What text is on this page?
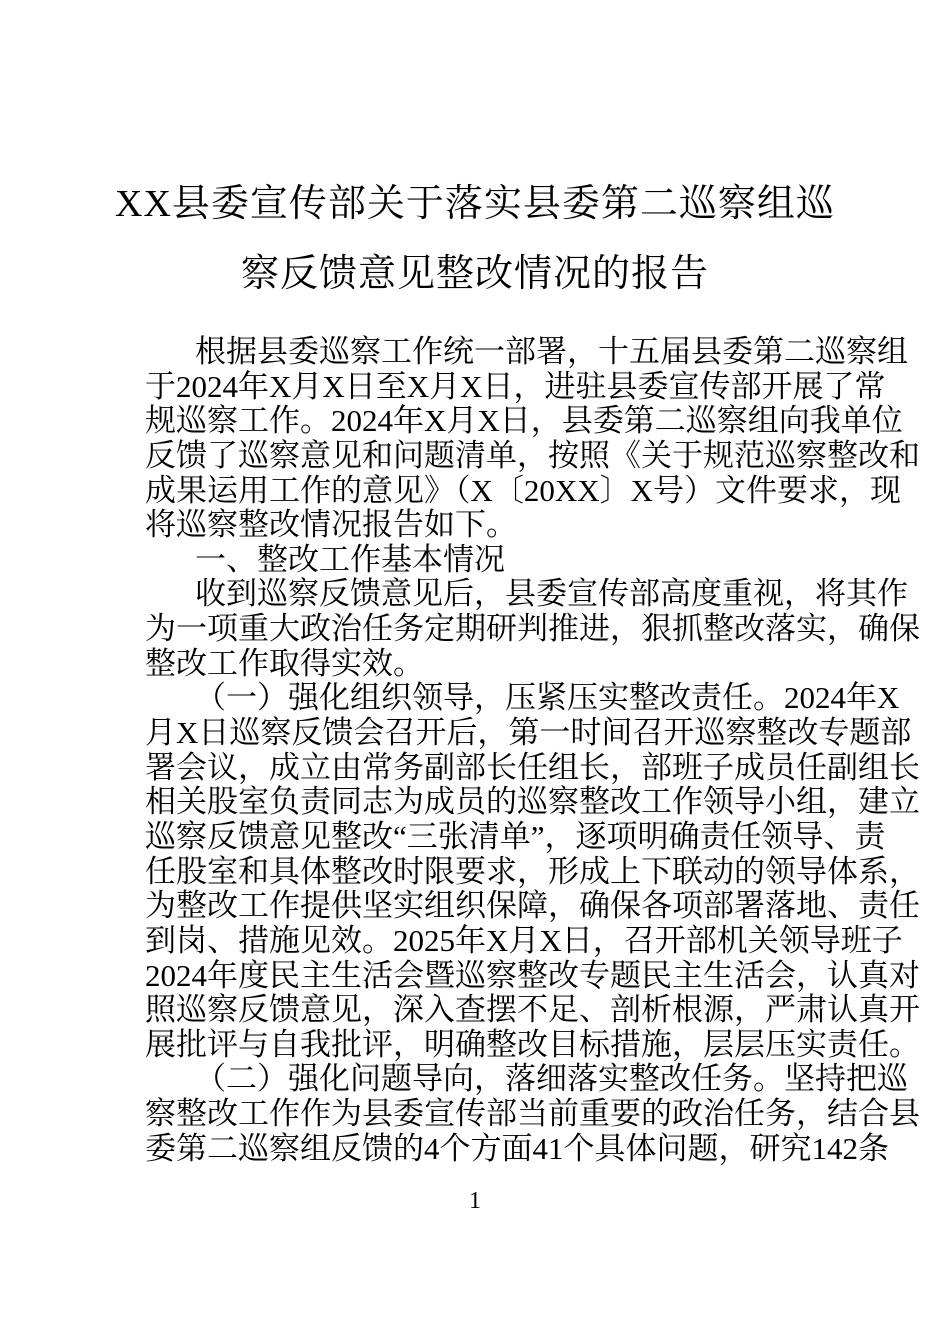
XX县委宣传部关于落实县委第二巡察组巡
察反馈意见整改情况的报告
根据县委巡察工作统一部署，十五届县委第二巡察组
于2024年X月X日至X月X日，进驻县委宣传部开展了常
规巡察工作。2024年X月X日，县委第二巡察组向我单位
反馈了巡察意见和问题清单，按照《关于规范巡察整改和
成果运用工作的意见》（X〔20XX〕X号）文件要求，现
将巡察整改情况报告如下。
一、整改工作基本情况
收到巡察反馈意见后，县委宣传部高度重视，将其作
为一项重大政治任务定期研判推进，狠抓整改落实，确保
整改工作取得实效。
（一）强化组织领导，压紧压实整改责任。2024年X
月X日巡察反馈会召开后，第一时间召开巡察整改专题部
署会议，成立由常务副部长任组长，部班子成员任副组长
相关股室负责同志为成员的巡察整改工作领导小组，建立
巡察反馈意见整改“三张清单”，逐项明确责任领导、责
任股室和具体整改时限要求，形成上下联动的领导体系，
为整改工作提供坚实组织保障，确保各项部署落地、责任
到岗、措施见效。2025年X月X日，召开部机关领导班子
2024年度民主生活会暨巡察整改专题民主生活会，认真对
照巡察反馈意见，深入查摆不足、剖析根源，严肃认真开
展批评与自我批评，明确整改目标措施，层层压实责任。
（二）强化问题导向，落细落实整改任务。坚持把巡
察整改工作作为县委宣传部当前重要的政治任务，结合县
委第二巡察组反馈的4个方面41个具体问题，研究142条
1
